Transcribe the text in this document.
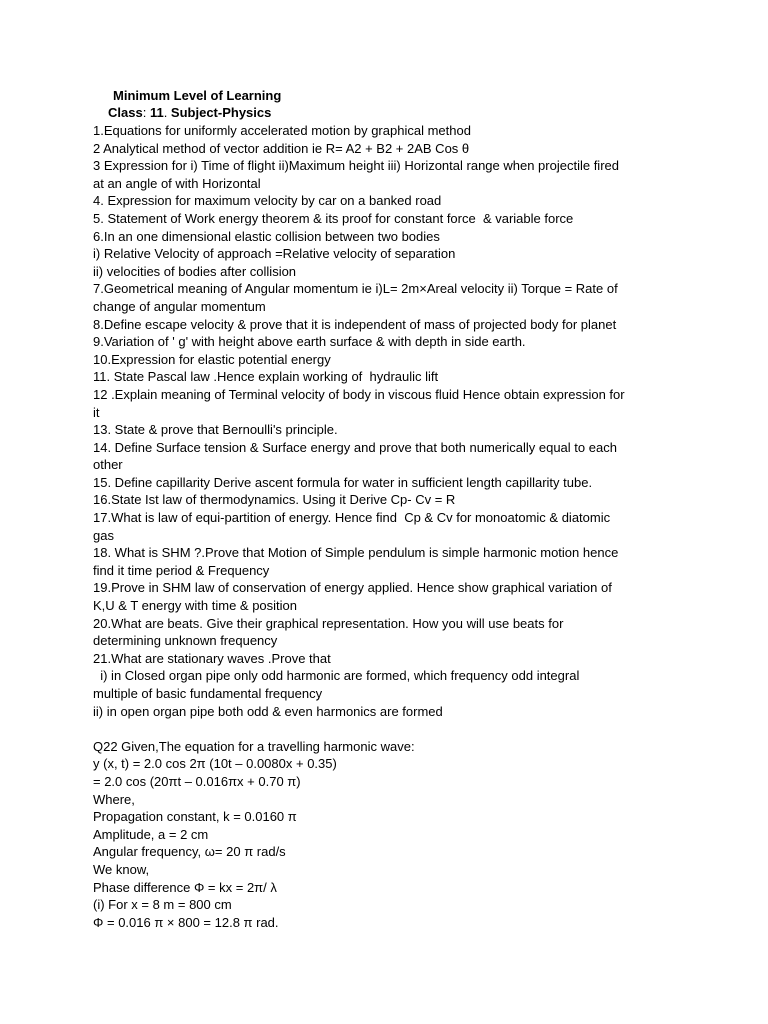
Minimum Level of Learning
Class: 11. Subject-Physics
1.Equations for uniformly accelerated motion by graphical method
2 Analytical method of vector addition ie R= A2 + B2 + 2AB Cos θ
3 Expression for i) Time of flight ii)Maximum height iii) Horizontal range when projectile fired
at an angle of with Horizontal
4. Expression for maximum velocity by car on a banked road
5. Statement of Work energy theorem & its proof for constant force  & variable force
6.In an one dimensional elastic collision between two bodies
i) Relative Velocity of approach =Relative velocity of separation
ii) velocities of bodies after collision
7.Geometrical meaning of Angular momentum ie i)L= 2m×Areal velocity ii) Torque = Rate of
change of angular momentum
8.Define escape velocity & prove that it is independent of mass of projected body for planet
9.Variation of ' g' with height above earth surface & with depth in side earth.
10.Expression for elastic potential energy
11. State Pascal law .Hence explain working of  hydraulic lift
12 .Explain meaning of Terminal velocity of body in viscous fluid Hence obtain expression for
it
13. State & prove that Bernoulli's principle.
14. Define Surface tension & Surface energy and prove that both numerically equal to each
other
15. Define capillarity Derive ascent formula for water in sufficient length capillarity tube.
16.State Ist law of thermodynamics. Using it Derive Cp- Cv = R
17.What is law of equi-partition of energy. Hence find  Cp & Cv for monoatomic & diatomic
gas
18. What is SHM ?.Prove that Motion of Simple pendulum is simple harmonic motion hence
find it time period & Frequency
19.Prove in SHM law of conservation of energy applied. Hence show graphical variation of
K,U & T energy with time & position
20.What are beats. Give their graphical representation. How you will use beats for
determining unknown frequency
21.What are stationary waves .Prove that
i) in Closed organ pipe only odd harmonic are formed, which frequency odd integral
multiple of basic fundamental frequency
ii) in open organ pipe both odd & even harmonics are formed
Q22 Given,The equation for a travelling harmonic wave:
y (x, t) = 2.0 cos 2π (10t – 0.0080x + 0.35)
= 2.0 cos (20πt – 0.016πx + 0.70 π)
Where,
Propagation constant, k = 0.0160 π
Amplitude, a = 2 cm
Angular frequency, ω= 20 π rad/s
We know,
Phase difference Φ = kx = 2π/ λ
(i) For x = 8 m = 800 cm
Φ = 0.016 π × 800 = 12.8 π rad.
